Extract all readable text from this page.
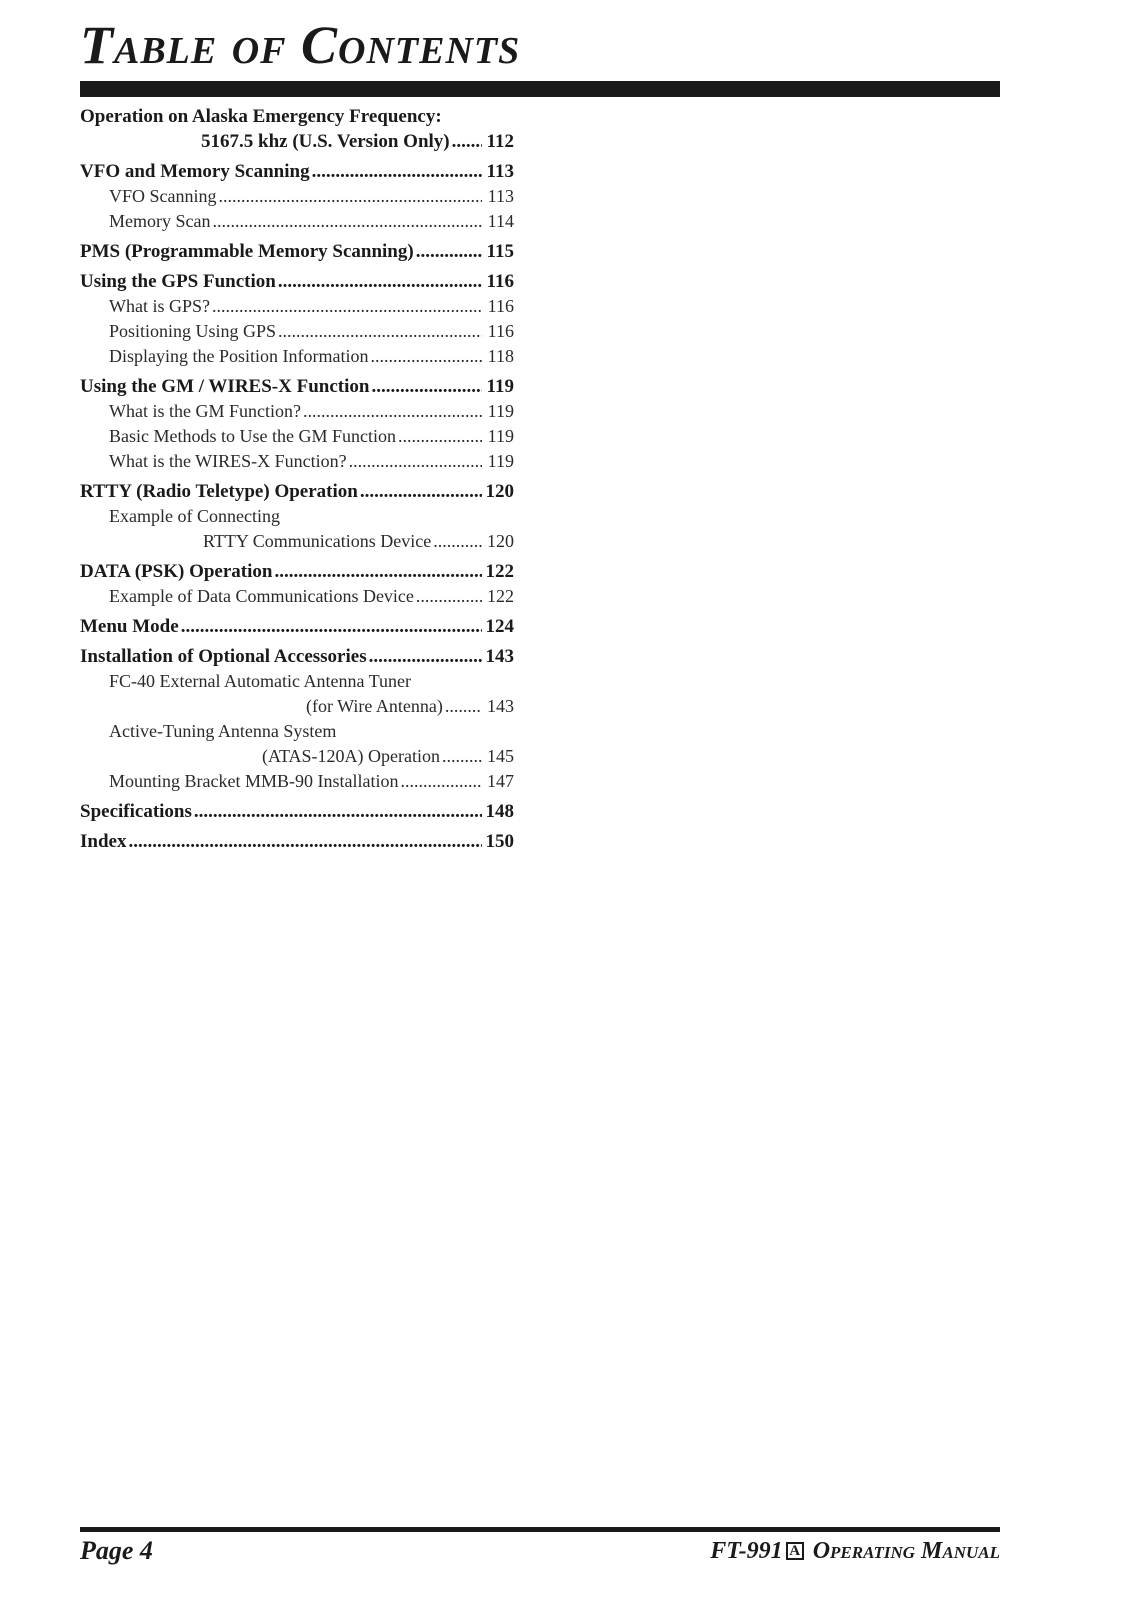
Table of Contents
Operation on Alaska Emergency Frequency:
5167.5 khz (U.S. Version Only) ..... 112
VFO and Memory Scanning .....	113
VFO Scanning .....	113
Memory Scan .....	114
PMS (Programmable Memory Scanning) .....	115
Using the GPS Function .....	116
What is GPS? .....	116
Positioning Using GPS .....	116
Displaying the Position Information .....	118
Using the GM / WIRES-X Function .....	119
What is the GM Function? .....	119
Basic Methods to Use the GM Function .....	119
What is the WIRES-X Function? .....	119
RTTY (Radio Teletype) Operation .....	120
Example of Connecting
RTTY Communications Device .....	120
DATA (PSK) Operation .....	122
Example of Data Communications Device .....	122
Menu Mode .....	124
Installation of Optional Accessories .....	143
FC-40 External Automatic Antenna Tuner
(for Wire Antenna) ..... 143
Active-Tuning Antenna System
(ATAS-120A) Operation .....	145
Mounting Bracket MMB-90 Installation .....	147
Specifications .....	148
Index .....	150
Page 4	FT-991 A Operating Manual
